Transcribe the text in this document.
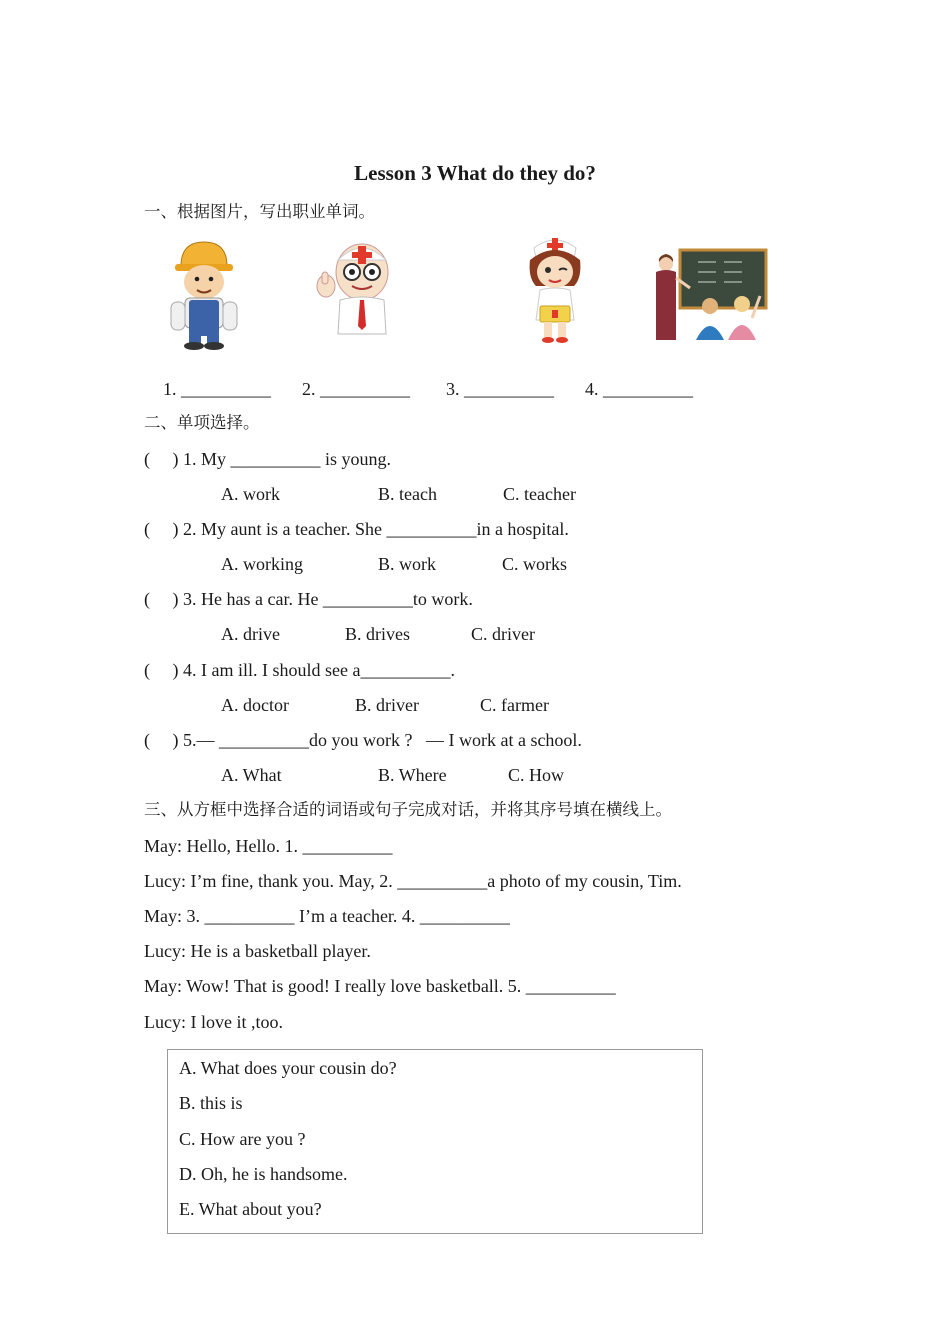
Lesson 3 What do they do?
一、根据图片，写出职业单词。
1. __________ 2. __________ 3. __________ 4. __________
二、单项选择。
(     ) 1. My __________ is young.
A. work	B. teach	C. teacher
(     ) 2. My aunt is a teacher. She __________in a hospital.
A. working	B. work	C. works
(     ) 3. He has a car. He __________to work.
A. drive	B. drives	C. driver
(     ) 4. I am ill. I should see a__________.
A. doctor	B. driver	C. farmer
(     ) 5.— __________do you work ?   — I work at a school.
A. What	B. Where	C. How
三、从方框中选择合适的词语或句子完成对话，并将其序号填在横线上。
May: Hello, Hello. 1. __________
Lucy: I’m fine, thank you. May, 2. __________a photo of my cousin, Tim.
May: 3. __________ I’m a teacher. 4. __________
Lucy: He is a basketball player.
May: Wow! That is good! I really love basketball. 5. __________
Lucy: I love it ,too.
A. What does your cousin do?
B. this is
C. How are you ?
D. Oh, he is handsome.
E. What about you?
